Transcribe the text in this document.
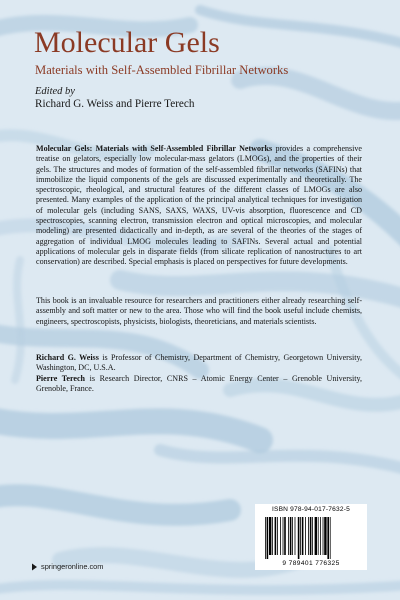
Molecular Gels
Materials with Self-Assembled Fibrillar Networks
Edited by
Richard G. Weiss and Pierre Terech

Molecular Gels: Materials with Self-Assembled Fibrillar Networks provides a comprehensive treatise on gelators, especially low molecular-mass gelators (LMOGs), and the properties of their gels. The structures and modes of formation of the self-assembled fibrillar networks (SAFINs) that immobilize the liquid components of the gels are discussed experimentally and theoretically. The spectroscopic, rheological, and structural features of the different classes of LMOGs are also presented. Many examples of the application of the principal analytical techniques for investigation of molecular gels (including SANS, SAXS, WAXS, UV-vis absorption, fluorescence and CD spectroscopies, scanning electron, transmission electron and optical microscopies, and molecular modeling) are presented didactically and in-depth, as are several of the theories of the stages of aggregation of individual LMOG molecules leading to SAFINs. Several actual and potential applications of molecular gels in disparate fields (from silicate replication of nanostructures to art conservation) are described. Special emphasis is placed on perspectives for future developments.

This book is an invaluable resource for researchers and practitioners either already researching self-assembly and soft matter or new to the area. Those who will find the book useful include chemists, engineers, spectroscopists, physicists, biologists, theoreticians, and materials scientists.

Richard G. Weiss is Professor of Chemistry, Department of Chemistry, Georgetown University, Washington, DC, U.S.A.
Pierre Terech is Research Director, CNRS – Atomic Energy Center – Grenoble University, Grenoble, France.

ISBN 978-94-017-7632-5
9 789401 776325
springeronline.com
